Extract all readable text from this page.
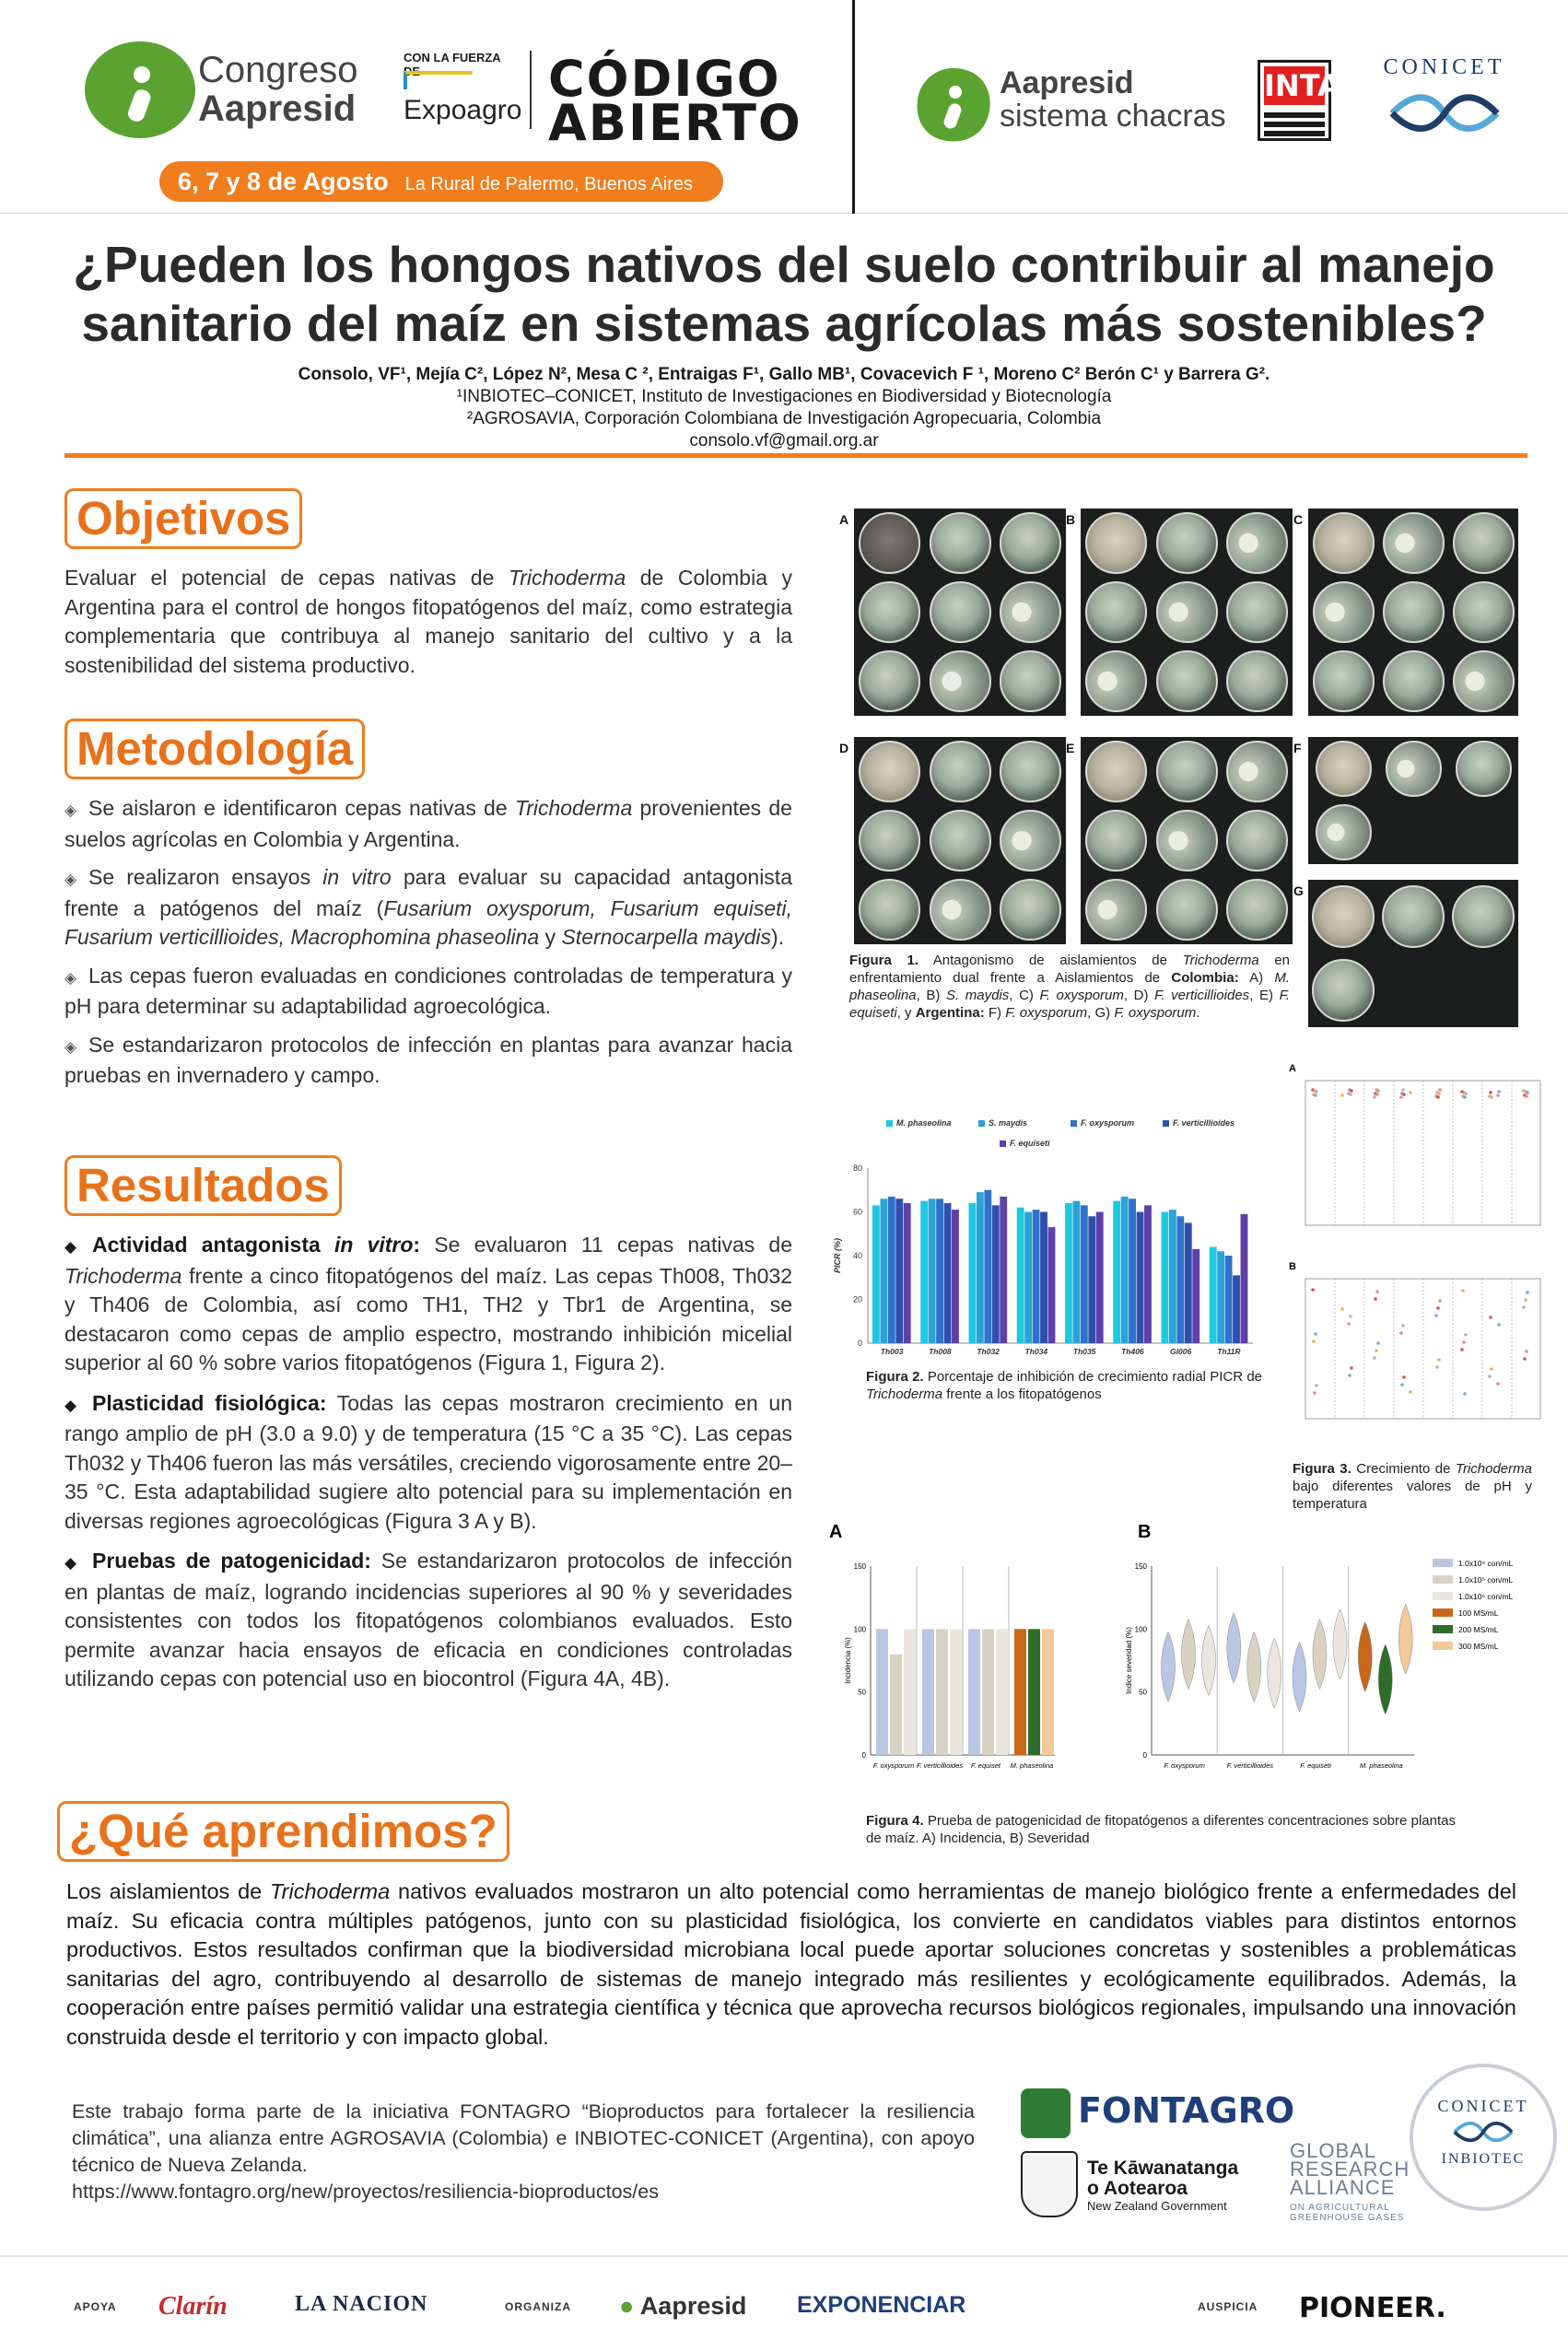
Congreso
Aapresid
CON LA FUERZA DE
Expoagro
CÓDIGO
ABIERTO
6, 7 y 8 de Agosto La Rural de Palermo, Buenos Aires
Aapresid
sistema chacras
INTA
CONICET
¿Pueden los hongos nativos del suelo contribuir al manejo sanitario del maíz en sistemas agrícolas más sostenibles?
Consolo, VF¹, Mejía C², López N², Mesa C ², Entraigas F¹, Gallo MB¹, Covacevich F ¹, Moreno C² Berón C¹ y Barrera G².
¹INBIOTEC–CONICET, Instituto de Investigaciones en Biodiversidad y Biotecnología
²AGROSAVIA, Corporación Colombiana de Investigación Agropecuaria, Colombia
consolo.vf@gmail.org.ar
Objetivos
Evaluar el potencial de cepas nativas de Trichoderma de Colombia y Argentina para el control de hongos fitopatógenos del maíz, como estrategia complementaria que contribuya al manejo sanitario del cultivo y a la sostenibilidad del sistema productivo.
Metodología
◈ Se aislaron e identificaron cepas nativas de Trichoderma provenientes de suelos agrícolas en Colombia y Argentina.
◈ Se realizaron ensayos in vitro para evaluar su capacidad antagonista frente a patógenos del maíz (Fusarium oxysporum, Fusarium equiseti, Fusarium verticillioides, Macrophomina phaseolina y Sternocarpella maydis).
◈ Las cepas fueron evaluadas en condiciones controladas de temperatura y pH para determinar su adaptabilidad agroecológica.
◈ Se estandarizaron protocolos de infección en plantas para avanzar hacia pruebas en invernadero y campo.
Resultados
◆ Actividad antagonista in vitro: Se evaluaron 11 cepas nativas de Trichoderma frente a cinco fitopatógenos del maíz. Las cepas Th008, Th032 y Th406 de Colombia, así como TH1, TH2 y Tbr1 de Argentina, se destacaron como cepas de amplio espectro, mostrando inhibición micelial superior al 60 % sobre varios fitopatógenos (Figura 1, Figura 2).
◆ Plasticidad fisiológica: Todas las cepas mostraron crecimiento en un rango amplio de pH (3.0 a 9.0) y de temperatura (15 °C a 35 °C). Las cepas Th032 y Th406 fueron las más versátiles, creciendo vigorosamente entre 20–35 °C. Esta adaptabilidad sugiere alto potencial para su implementación en diversas regiones agroecológicas (Figura 3 A y B).
◆ Pruebas de patogenicidad: Se estandarizaron protocolos de infección en plantas de maíz, logrando incidencias superiores al 90 % y severidades consistentes con todos los fitopatógenos colombianos evaluados. Esto permite avanzar hacia ensayos de eficacia en condiciones controladas utilizando cepas con potencial uso en biocontrol (Figura 4A, 4B).
A	B	C
D	E	F
G
Figura 1. Antagonismo de aislamientos de Trichoderma en enfrentamiento dual frente a Aislamientos de Colombia: A) M. phaseolina, B) S. maydis, C) F. oxysporum, D) F. verticillioides, E) F. equiseti, y Argentina: F) F. oxysporum, G) F. oxysporum.
M. phaseolina	S. maydis	F. oxysporum	F. verticillioides
F. equiseti
0
20
40
60
80
PICR (%)
Th003	Th008	Th032	Th034	Th035	Th406	Gl006	Th11R
Figura 2. Porcentaje de inhibición de crecimiento radial PICR de Trichoderma frente a los fitopatógenos
A
B
Figura 3. Crecimiento de Trichoderma bajo diferentes valores de pH y temperatura
A
0
50
100
150
Incidencia (%)
F. oxysporum F. verticillioides F. equiset M. phaseolina
B
0
50
100
150
Indice severidad (%)
F. oxysporum	F. verticillioides	F. equiseti	M. phaseolina
1.0x10⁴ con/mL
1.0x10⁵ con/mL
1.0x10⁶ con/mL
100 MS/mL
200 MS/mL
300 MS/mL
Figura 4. Prueba de patogenicidad de fitopatógenos a diferentes concentraciones sobre plantas de maíz. A) Incidencia, B) Severidad
¿Qué aprendimos?
Los aislamientos de Trichoderma nativos evaluados mostraron un alto potencial como herramientas de manejo biológico frente a enfermedades del maíz. Su eficacia contra múltiples patógenos, junto con su plasticidad fisiológica, los convierte en candidatos viables para distintos entornos productivos. Estos resultados confirman que la biodiversidad microbiana local puede aportar soluciones concretas y sostenibles a problemáticas sanitarias del agro, contribuyendo al desarrollo de sistemas de manejo integrado más resilientes y ecológicamente equilibrados. Además, la cooperación entre países permitió validar una estrategia científica y técnica que aprovecha recursos biológicos regionales, impulsando una innovación construida desde el territorio y con impacto global.
Este trabajo forma parte de la iniciativa FONTAGRO “Bioproductos para fortalecer la resiliencia climática”, una alianza entre AGROSAVIA (Colombia) e INBIOTEC-CONICET (Argentina), con apoyo técnico de Nueva Zelanda.
https://www.fontagro.org/new/proyectos/resiliencia-bioproductos/es
FONTAGRO
Te Kāwanatanga
o Aotearoa
New Zealand Government
GLOBAL
RESEARCH
ALLIANCE
ON AGRICULTURAL GREENHOUSE GASES
CONICET
INBIOTEC
APOYA Clarín	LA NACION	ORGANIZA ● Aapresid EXPONENCIAR	AUSPICIA PIONEER.
